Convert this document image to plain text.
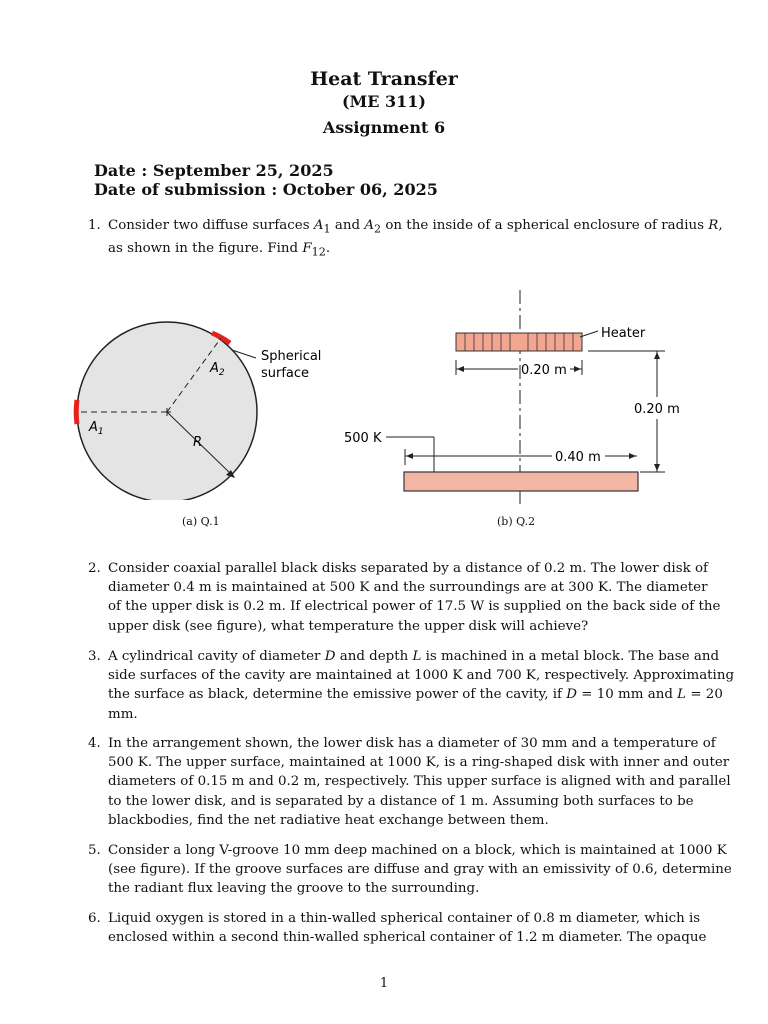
Heat Transfer
(ME 311)
Assignment 6
Date : September 25, 2025
Date of submission : October 06, 2025
1. Consider two diffuse surfaces $A_1$ and $A_2$ on the inside of a spherical enclosure of radius R,
as shown in the figure. Find $F_{12}$.
$A_2$
$A_1$
R
Spherical
surface
(a) Q.1
Heater
0.20 m
0.20 m
500 K
0.40 m
(b) Q.2
2. Consider coaxial parallel black disks separated by a distance of 0.2 m. The lower disk of
diameter 0.4 m is maintained at 500 K and the surroundings are at 300 K. The diameter
of the upper disk is 0.2 m. If electrical power of 17.5 W is supplied on the back side of the
upper disk (see figure), what temperature the upper disk will achieve?
3. A cylindrical cavity of diameter D and depth L is machined in a metal block. The base and
side surfaces of the cavity are maintained at 1000 K and 700 K, respectively. Approximating
the surface as black, determine the emissive power of the cavity, if D = 10 mm and L = 20
mm.
4. In the arrangement shown, the lower disk has a diameter of 30 mm and a temperature of
500 K. The upper surface, maintained at 1000 K, is a ring-shaped disk with inner and outer
diameters of 0.15 m and 0.2 m, respectively. This upper surface is aligned with and parallel
to the lower disk, and is separated by a distance of 1 m. Assuming both surfaces to be
blackbodies, find the net radiative heat exchange between them.
5. Consider a long V-groove 10 mm deep machined on a block, which is maintained at 1000 K
(see figure). If the groove surfaces are diffuse and gray with an emissivity of 0.6, determine
the radiant flux leaving the groove to the surrounding.
6. Liquid oxygen is stored in a thin-walled spherical container of 0.8 m diameter, which is
enclosed within a second thin-walled spherical container of 1.2 m diameter. The opaque
1
